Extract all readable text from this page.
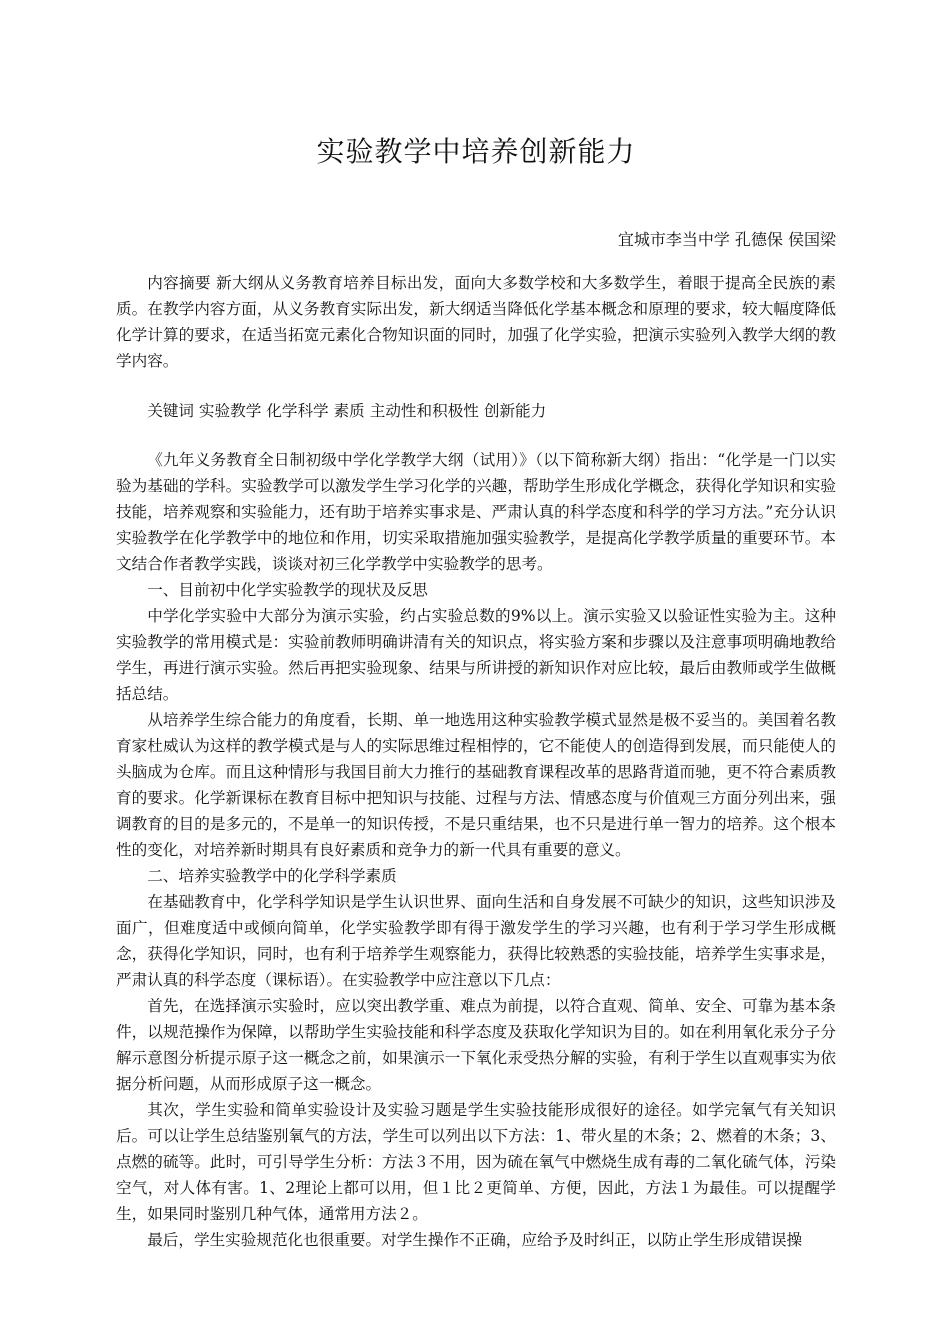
实验教学中培养创新能力
宜城市李当中学 孔德保 侯国梁

内容摘要 新大纲从义务教育培养目标出发，面向大多数学校和大多数学生，着眼于提高全民族的素质。在教学内容方面，从义务教育实际出发，新大纲适当降低化学基本概念和原理的要求，较大幅度降低化学计算的要求，在适当拓宽元素化合物知识面的同时，加强了化学实验，把演示实验列入教学大纲的教学内容。

关键词 实验教学 化学科学 素质 主动性和积极性 创新能力

《九年义务教育全日制初级中学化学教学大纲（试用）》（以下简称新大纲）指出：“化学是一门以实验为基础的学科。实验教学可以激发学生学习化学的兴趣，帮助学生形成化学概念，获得化学知识和实验技能，培养观察和实验能力，还有助于培养实事求是、严肃认真的科学态度和科学的学习方法。”充分认识实验教学在化学教学中的地位和作用，切实采取措施加强实验教学，是提高化学教学质量的重要环节。本文结合作者教学实践，谈谈对初三化学教学中实验教学的思考。

一、目前初中化学实验教学的现状及反思

中学化学实验中大部分为演示实验，约占实验总数的9%以上。演示实验又以验证性实验为主。这种实验教学的常用模式是：实验前教师明确讲清有关的知识点，将实验方案和步骤以及注意事项明确地教给学生，再进行演示实验。然后再把实验现象、结果与所讲授的新知识作对应比较，最后由教师或学生做概括总结。

从培养学生综合能力的角度看，长期、单一地选用这种实验教学模式显然是极不妥当的。美国着名教育家杜威认为这样的教学模式是与人的实际思维过程相悖的，它不能使人的创造得到发展，而只能使人的头脑成为仓库。而且这种情形与我国目前大力推行的基础教育课程改革的思路背道而驰，更不符合素质教育的要求。化学新课标在教育目标中把知识与技能、过程与方法、情感态度与价值观三方面分列出来，强调教育的目的是多元的，不是单一的知识传授，不是只重结果，也不只是进行单一智力的培养。这个根本性的变化，对培养新时期具有良好素质和竞争力的新一代具有重要的意义。

二、培养实验教学中的化学科学素质

在基础教育中，化学科学知识是学生认识世界、面向生活和自身发展不可缺少的知识，这些知识涉及面广，但难度适中或倾向简单，化学实验教学即有得于激发学生的学习兴趣，也有利于学习学生形成概念，获得化学知识，同时，也有利于培养学生观察能力，获得比较熟悉的实验技能，培养学生实事求是，严肃认真的科学态度（课标语）。在实验教学中应注意以下几点：

首先，在选择演示实验时，应以突出教学重、难点为前提，以符合直观、简单、安全、可靠为基本条件，以规范操作为保障，以帮助学生实验技能和科学态度及获取化学知识为目的。如在利用氧化汞分子分解示意图分析提示原子这一概念之前，如果演示一下氧化汞受热分解的实验，有利于学生以直观事实为依据分析问题，从而形成原子这一概念。

其次，学生实验和简单实验设计及实验习题是学生实验技能形成很好的途径。如学完氧气有关知识后。可以让学生总结鉴别氧气的方法，学生可以列出以下方法：1、带火星的木条；2、燃着的木条；3、点燃的硫等。此时，可引导学生分析：方法３不用，因为硫在氧气中燃烧生成有毒的二氧化硫气体，污染空气，对人体有害。1、2理论上都可以用，但１比２更简单、方便，因此，方法１为最佳。可以提醒学生，如果同时鉴别几种气体，通常用方法２。

最后，学生实验规范化也很重要。对学生操作不正确，应给予及时纠正，以防止学生形成错误操
